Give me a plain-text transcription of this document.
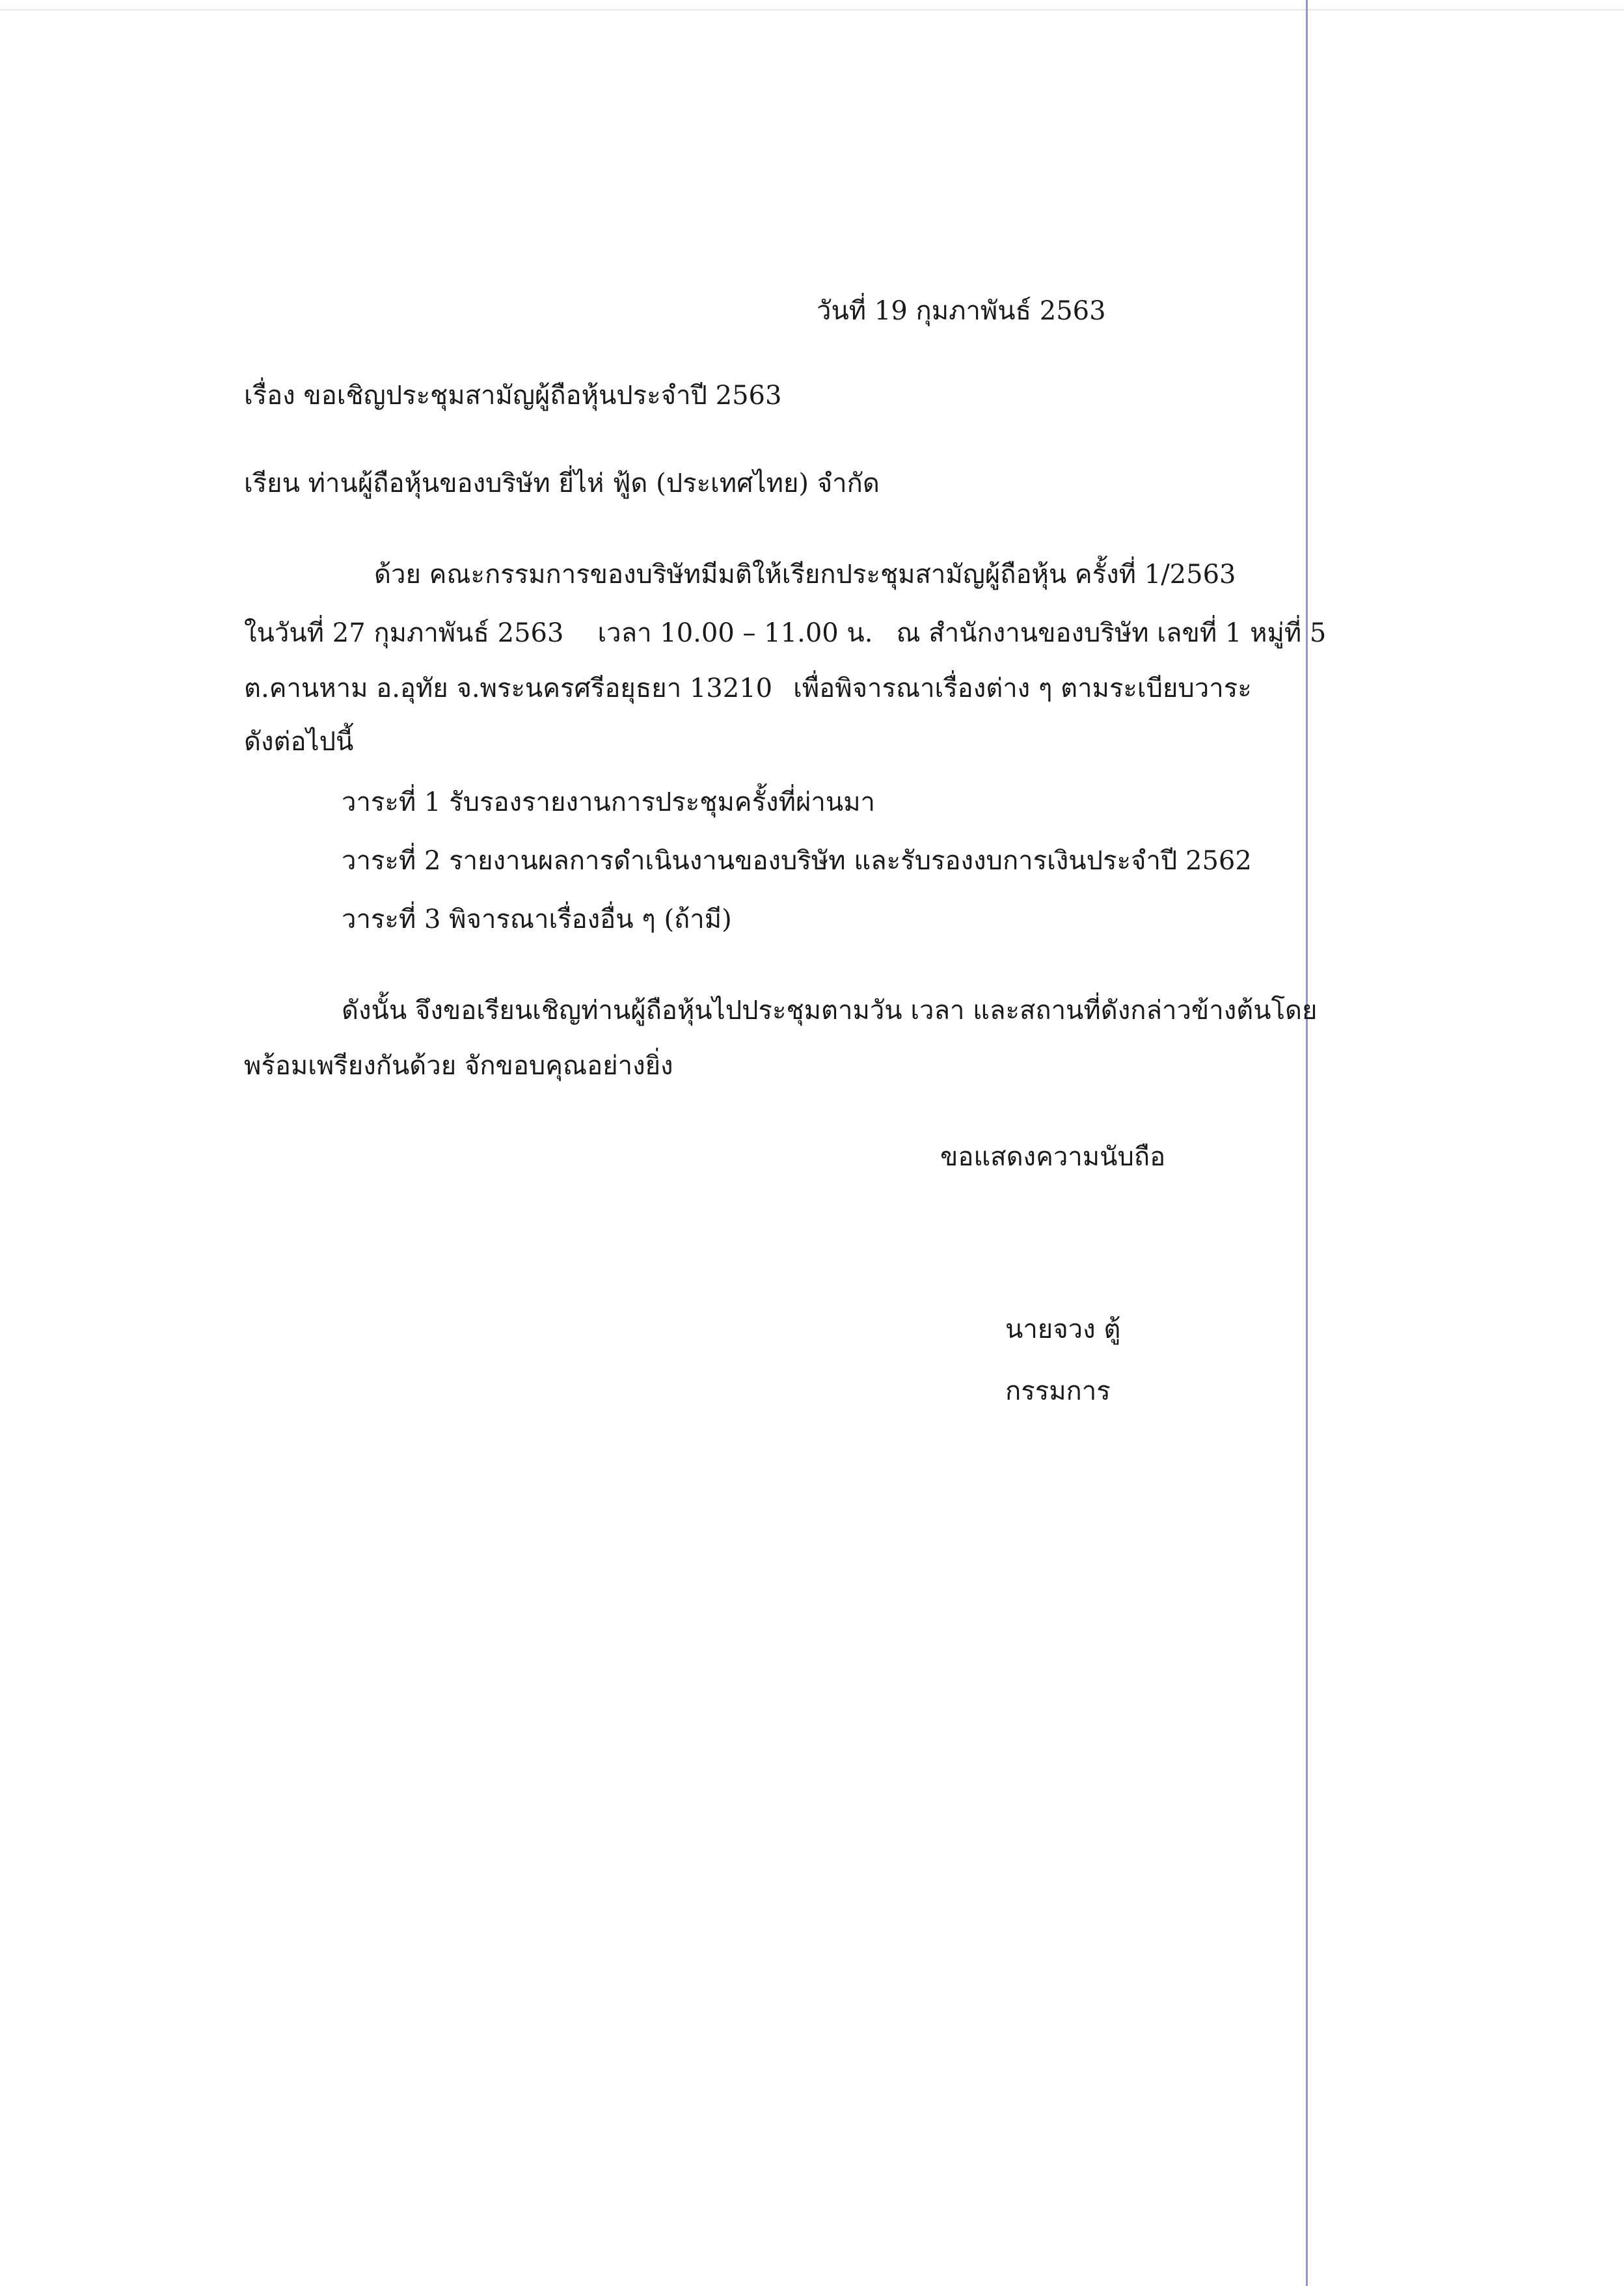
วันที่ 19 กุมภาพันธ์ 2563
เรื่อง ขอเชิญประชุมสามัญผู้ถือหุ้นประจำปี 2563
เรียน ท่านผู้ถือหุ้นของบริษัท ยี่ไห่ ฟู้ด (ประเทศไทย) จำกัด
ด้วย คณะกรรมการของบริษัทมีมติให้เรียกประชุมสามัญผู้ถือหุ้น ครั้งที่ 1/2563
ในวันที่ 27 กุมภาพันธ์ 2563 เวลา 10.00 – 11.00 น. ณ สำนักงานของบริษัท เลขที่ 1 หมู่ที่ 5
ต.คานหาม อ.อุทัย จ.พระนครศรีอยุธยา 13210 เพื่อพิจารณาเรื่องต่าง ๆ ตามระเบียบวาระ
ดังต่อไปนี้
วาระที่ 1 รับรองรายงานการประชุมครั้งที่ผ่านมา
วาระที่ 2 รายงานผลการดำเนินงานของบริษัท และรับรองงบการเงินประจำปี 2562
วาระที่ 3 พิจารณาเรื่องอื่น ๆ (ถ้ามี)
ดังนั้น จึงขอเรียนเชิญท่านผู้ถือหุ้นไปประชุมตามวัน เวลา และสถานที่ดังกล่าวข้างต้นโดย
พร้อมเพรียงกันด้วย จักขอบคุณอย่างยิ่ง
ขอแสดงความนับถือ
นายจวง ตู้
กรรมการ
